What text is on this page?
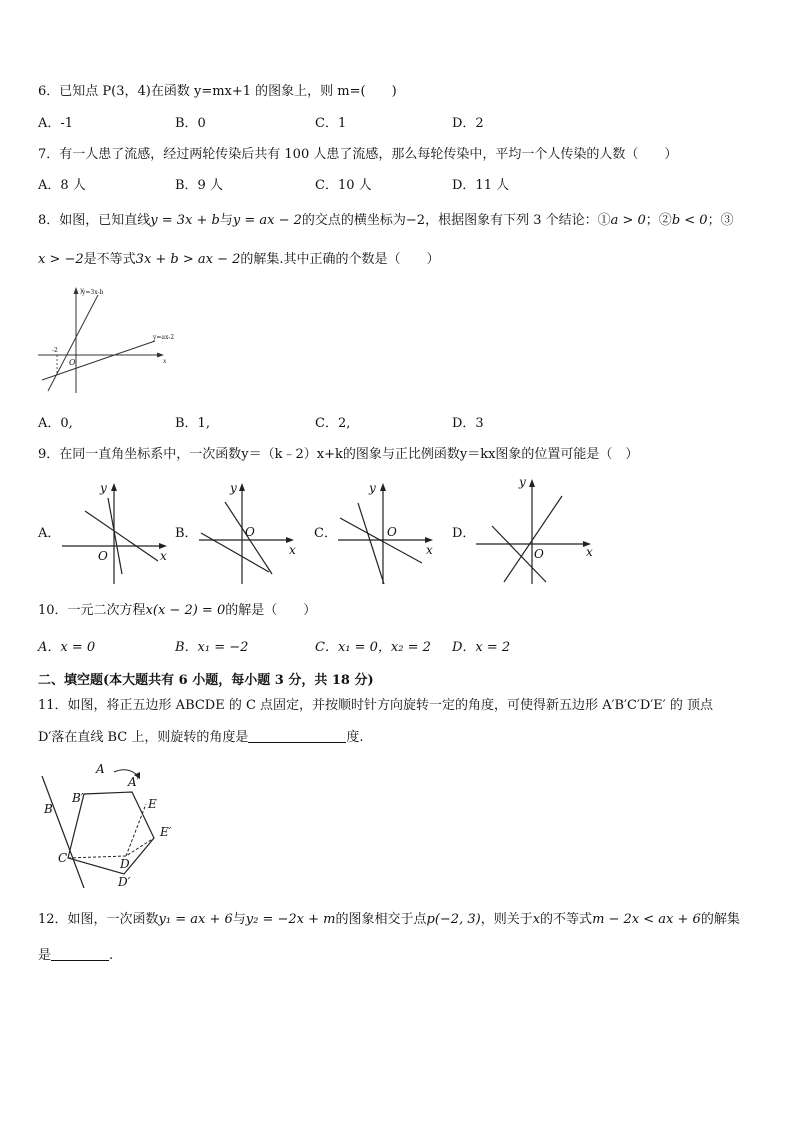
6．已知点 P(3，4)在函数 y=mx+1 的图象上，则 m=(　　)
A．-1	B．0	C．1	D．2
7．有一人患了流感，经过两轮传染后共有 100 人患了流感，那么每轮传染中，平均一个人传染的人数（　　）
A．8 人	B．9 人	C．10 人	D．11 人
8．如图，已知直线y = 3x + b与y = ax − 2的交点的横坐标为−2，根据图象有下列 3 个结论：①a > 0；②b < 0；③
x > −2是不等式3x + b > ax − 2的解集.其中正确的个数是（　　）
y=3x-b
y=ax-2
-2
O	x
y
A．0,	B．1,	C．2,	D．3
9．在同一直角坐标系中，一次函数y＝（k﹣2）x+k的图象与正比例函数y＝kx图象的位置可能是（　）
A．
O	x
y
B．	O
x
y
C．	O
x
y
D．
O	x
y
10．一元二次方程x(x − 2) = 0的解是（　　）
A．x = 0	B．x₁ = −2	C．x₁ = 0，x₂ = 2 D．x = 2
二、填空题(本大题共有 6 小题，每小题 3 分，共 18 分)
11．如图，将正五边形 ABCDE 的 C 点固定，并按顺时针方向旋转一定的角度，可使得新五边形 A′B′C′D′E′ 的 顶点
D′落在直线 BC 上，则旋转的角度是	度.
A
A′
B
B′
C	D
D′
E
E′
12．如图，一次函数y₁ = ax + 6与y₂ = −2x + m的图象相交于点p(−2, 3)，则关于x的不等式m − 2x < ax + 6的解集
是	.
